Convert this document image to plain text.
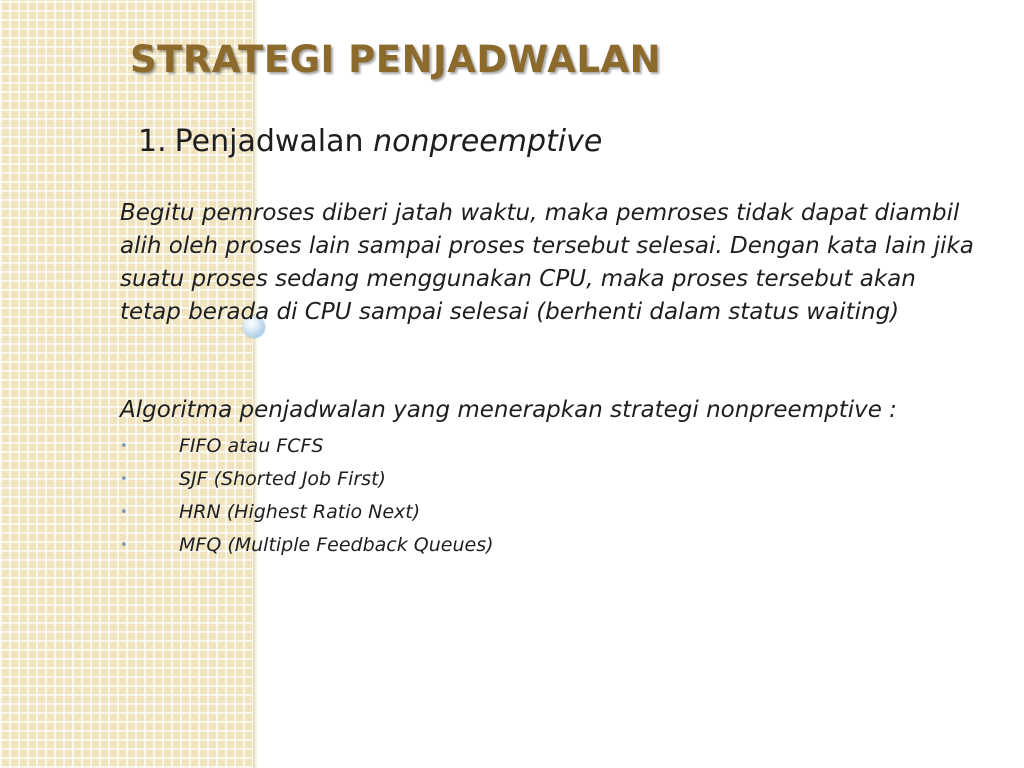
STRATEGI PENJADWALAN
1. Penjadwalan nonpreemptive

Begitu pemroses diberi jatah waktu, maka pemroses tidak dapat diambil alih oleh proses lain sampai proses tersebut selesai. Dengan kata lain jika suatu proses sedang menggunakan CPU, maka proses tersebut akan tetap berada di CPU sampai selesai (berhenti dalam status waiting)

Algoritma penjadwalan yang menerapkan strategi nonpreemptive :

•	FIFO atau FCFS
•	SJF (Shorted Job First)
•	HRN (Highest Ratio Next)
•	MFQ (Multiple Feedback Queues)
